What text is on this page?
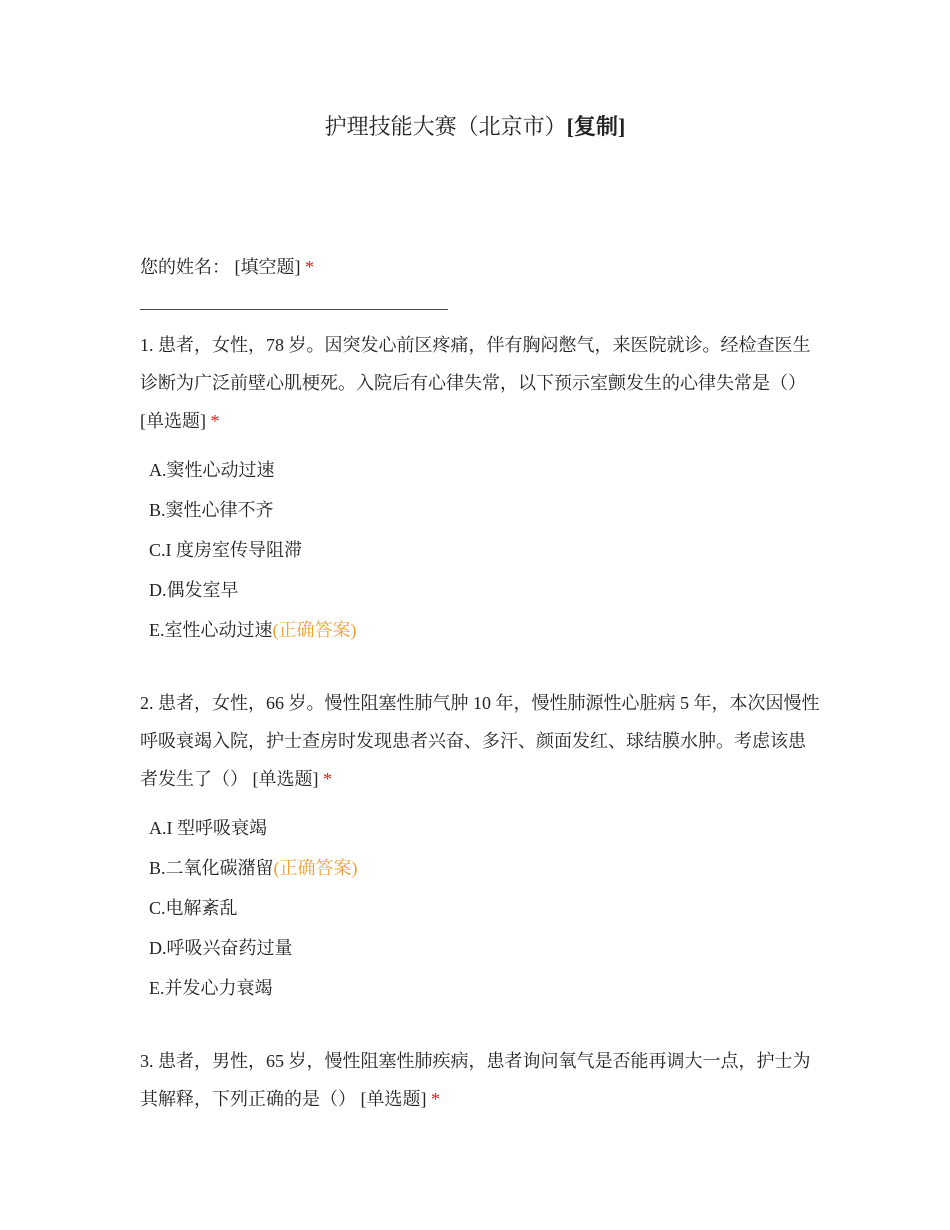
护理技能大赛（北京市）[复制]
您的姓名： [填空题] *
1. 患者，女性，78 岁。因突发心前区疼痛，伴有胸闷憋气，来医院就诊。经检查医生诊断为广泛前壁心肌梗死。入院后有心律失常，以下预示室颤发生的心律失常是（） [单选题] *
A.窦性心动过速
B.窦性心律不齐
C.I 度房室传导阻滞
D.偶发室早
E.室性心动过速(正确答案)
2. 患者，女性，66 岁。慢性阻塞性肺气肿 10 年，慢性肺源性心脏病 5 年，本次因慢性呼吸衰竭入院，护士查房时发现患者兴奋、多汗、颜面发红、球结膜水肿。考虑该患者发生了（） [单选题] *
A.I 型呼吸衰竭
B.二氧化碳潴留(正确答案)
C.电解紊乱
D.呼吸兴奋药过量
E.并发心力衰竭
3. 患者，男性，65 岁，慢性阻塞性肺疾病，患者询问氧气是否能再调大一点，护士为其解释，下列正确的是（） [单选题] *
